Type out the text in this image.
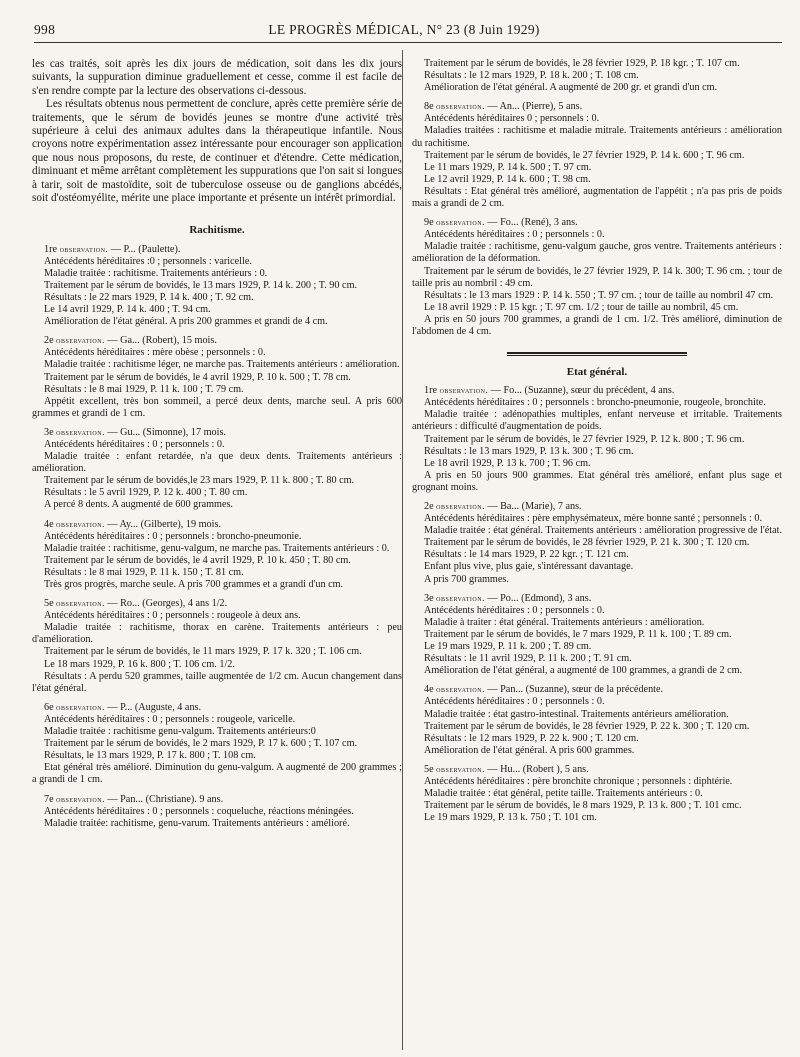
998	LE PROGRÈS MÉDICAL, N° 23 (8 Juin 1929)

les cas traités, soit après les dix jours de médication, soit dans les dix jours suivants, la suppuration diminue graduellement et cesse, comme il est facile de s'en rendre compte par la lecture des observations ci-dessous.

Les résultats obtenus nous permettent de conclure, après cette première série de traitements, que le sérum de bovidés jeunes se montre d'une activité très supérieure à celui des animaux adultes dans la thérapeutique infantile. Nous croyons notre expérimentation assez intéressante pour encourager son application que nous nous proposons, du reste, de continuer et d'étendre. Cette médication, diminuant et même arrêtant complètement les suppurations que l'on sait si longues à tarir, soit de mastoïdite, soit de tuberculose osseuse ou de ganglions abcédés, soit d'ostéomyélite, mérite une place importante et présente un intérêt primordial.

Rachitisme.

1re observation. — P... (Paulette).

Antécédents héréditaires :0 ; personnels : varicelle.

Maladie traitée : rachitisme. Traitements antérieurs : 0.

Traitement par le sérum de bovidés, le 13 mars 1929, P. 14 k. 200 ; T. 90 cm.

Résultats : le 22 mars 1929, P. 14 k. 400 ; T. 92 cm.

Le 14 avril 1929, P. 14 k. 400 ; T. 94 cm.

Amélioration de l'état général. A pris 200 grammes et grandi de 4 cm.

2e observation. — Ga... (Robert), 15 mois.

Antécédents héréditaires : mère obèse ; personnels : 0.

Maladie traitée : rachitisme léger, ne marche pas. Traitements antérieurs : amélioration.

Traitement par le sérum de bovidés, le 4 avril 1929, P. 10 k. 500 ; T. 78 cm.

Résultats : le 8 mai 1929, P. 11 k. 100 ; T. 79 cm.

Appétit excellent, très bon sommeil, a percé deux dents, marche seul. A pris 600 grammes et grandi de 1 cm.

3e observation. — Gu... (Simonne), 17 mois.

Antécédents héréditaires : 0 ; personnels : 0.

Maladie traitée : enfant retardée, n'a que deux dents. Traitements antérieurs : amélioration.

Traitement par le sérum de bovidés,le 23 mars 1929, P. 11 k. 800 ; T. 80 cm.

Résultats : le 5 avril 1929, P. 12 k. 400 ; T. 80 cm.

A percé 8 dents. A augmenté de 600 grammes.

4e observation. — Ay... (Gilberte), 19 mois.

Antécédents héréditaires : 0 ; personnels : broncho-pneumonie.

Maladie traitée : rachitisme, genu-valgum, ne marche pas. Traitements antérieurs : 0.

Traitement par le sérum de bovidés, le 4 avril 1929, P. 10 k. 450 ; T. 80 cm.

Résultats : le 8 mai 1929, P. 11 k. 150 ; T. 81 cm.

Très gros progrès, marche seule. A pris 700 grammes et a grandi d'un cm.

5e observation. — Ro... (Georges), 4 ans 1/2.

Antécédents héréditaires : 0 ; personnels : rougeole à deux ans.

Maladie traitée : rachitisme, thorax en carène. Traitements antérieurs : peu d'amélioration.

Traitement par le sérum de bovidés, le 11 mars 1929, P. 17 k. 320 ; T. 106 cm.

Le 18 mars 1929, P. 16 k. 800 ; T. 106 cm. 1/2.

Résultats : A perdu 520 grammes, taille augmentée de 1/2 cm. Aucun changement dans l'état général.

6e observation. — P... (Auguste, 4 ans.

Antécédents héréditaires : 0 ; personnels : rougeole, varicelle.

Maladie traitée : rachitisme genu-valgum. Traitements antérieurs:0

Traitement par le sérum de bovidés, le 2 mars 1929, P. 17 k. 600 ; T. 107 cm.

Résultats, le 13 mars 1929, P. 17 k. 800 ; T. 108 cm.

Etat général très amélioré. Diminution du genu-valgum. A augmenté de 200 grammes ; a grandi de 1 cm.

7e observation. — Pan... (Christiane). 9 ans.

Antécédents héréditaires : 0 ; personnels : coqueluche, réactions méningées.

Maladie traitée: rachitisme, genu-varum. Traitements antérieurs : amélioré.

Traitement par le sérum de bovidés, le 28 février 1929, P. 18 kgr. ; T. 107 cm.

Résultats : le 12 mars 1929, P. 18 k. 200 ; T. 108 cm.

Amélioration de l'état général. A augmenté de 200 gr. et grandi d'un cm.

8e observation. — An... (Pierre), 5 ans.

Antécédents héréditaires 0 ; personnels : 0.

Maladies traitées : rachitisme et maladie mitrale. Traitements antérieurs : amélioration du rachitisme.

Traitement par le sérum de bovidés, le 27 février 1929, P. 14 k. 600 ; T. 96 cm.

Le 11 mars 1929, P. 14 k. 500 ; T. 97 cm.

Le 12 avril 1929, P. 14 k. 600 ; T. 98 cm.

Résultats : Etat général très amélioré, augmentation de l'appétit ; n'a pas pris de poids mais a grandi de 2 cm.

9e observation. — Fo... (René), 3 ans.

Antécédents héréditaires : 0 ; personnels : 0.

Maladie traitée : rachitisme, genu-valgum gauche, gros ventre. Traitements antérieurs : amélioration de la déformation.

Traitement par le sérum de bovidés, le 27 février 1929, P. 14 k. 300; T. 96 cm. ; tour de taille pris au nombril : 49 cm.

Résultats : le 13 mars 1929 : P. 14 k. 550 ; T. 97 cm. ; tour de taille au nombril 47 cm.

Le 18 avril 1929 : P. 15 kgr. ; T. 97 cm. 1/2 ; tour de taille au nombril, 45 cm.

A pris en 50 jours 700 grammes, a grandi de 1 cm. 1/2. Très amélioré, diminution de l'abdomen de 4 cm.

Etat général.

1re observation. — Fo... (Suzanne), sœur du précédent, 4 ans.

Antécédents héréditaires : 0 ; personnels : broncho-pneumonie, rougeole, bronchite.

Maladie traitée : adénopathies multiples, enfant nerveuse et irritable. Traitements antérieurs : difficulté d'augmentation de poids.

Traitement par le sérum de bovidés, le 27 février 1929, P. 12 k. 800 ; T. 96 cm.

Résultats : le 13 mars 1929, P. 13 k. 300 ; T. 96 cm.

Le 18 avril 1929, P. 13 k. 700 ; T. 96 cm.

A pris en 50 jours 900 grammes. Etat général très amélioré, enfant plus sage et grognant moins.

2e observation. — Ba... (Marie), 7 ans.

Antécédents héréditaires : père emphysémateux, mère bonne santé ; personnels : 0.

Maladie traitée : état général. Traitements antérieurs : amélioration progressive de l'état.

Traitement par le sérum de bovidés, le 28 février 1929, P. 21 k. 300 ; T. 120 cm.

Résultats : le 14 mars 1929, P. 22 kgr. ; T. 121 cm.

Enfant plus vive, plus gaie, s'intéressant davantage.

A pris 700 grammes.

3e observation. — Po... (Edmond), 3 ans.

Antécédents héréditaires : 0 ; personnels : 0.

Maladie à traiter : état général. Traitements antérieurs : amélioration.

Traitement par le sérum de bovidés, le 7 mars 1929, P. 11 k. 100 ; T. 89 cm.

Le 19 mars 1929, P. 11 k. 200 ; T. 89 cm.

Résultats : le 11 avril 1929, P. 11 k. 200 ; T. 91 cm.

Amélioration de l'état général, a augmenté de 100 grammes, a grandi de 2 cm.

4e observation. — Pan... (Suzanne), sœur de la précédente.

Antécédents héréditaires : 0 ; personnels : 0.

Maladie traitée : état gastro-intestinal. Traitements antérieurs amélioration.

Traitement par le sérum de bovidés, le 28 février 1929, P. 22 k. 300 ; T. 120 cm.

Résultats : le 12 mars 1929, P. 22 k. 900 ; T. 120 cm.

Amélioration de l'état général. A pris 600 grammes.

5e observation. — Hu... (Robert ), 5 ans.

Antécédents héréditaires : père bronchite chronique ; personnels : diphtérie.

Maladie traitée : état général, petite taille. Traitements antérieurs : 0.

Traitement par le sérum de bovidés, le 8 mars 1929, P. 13 k. 800 ; T. 101 cmc.

Le 19 mars 1929, P. 13 k. 750 ; T. 101 cm.
